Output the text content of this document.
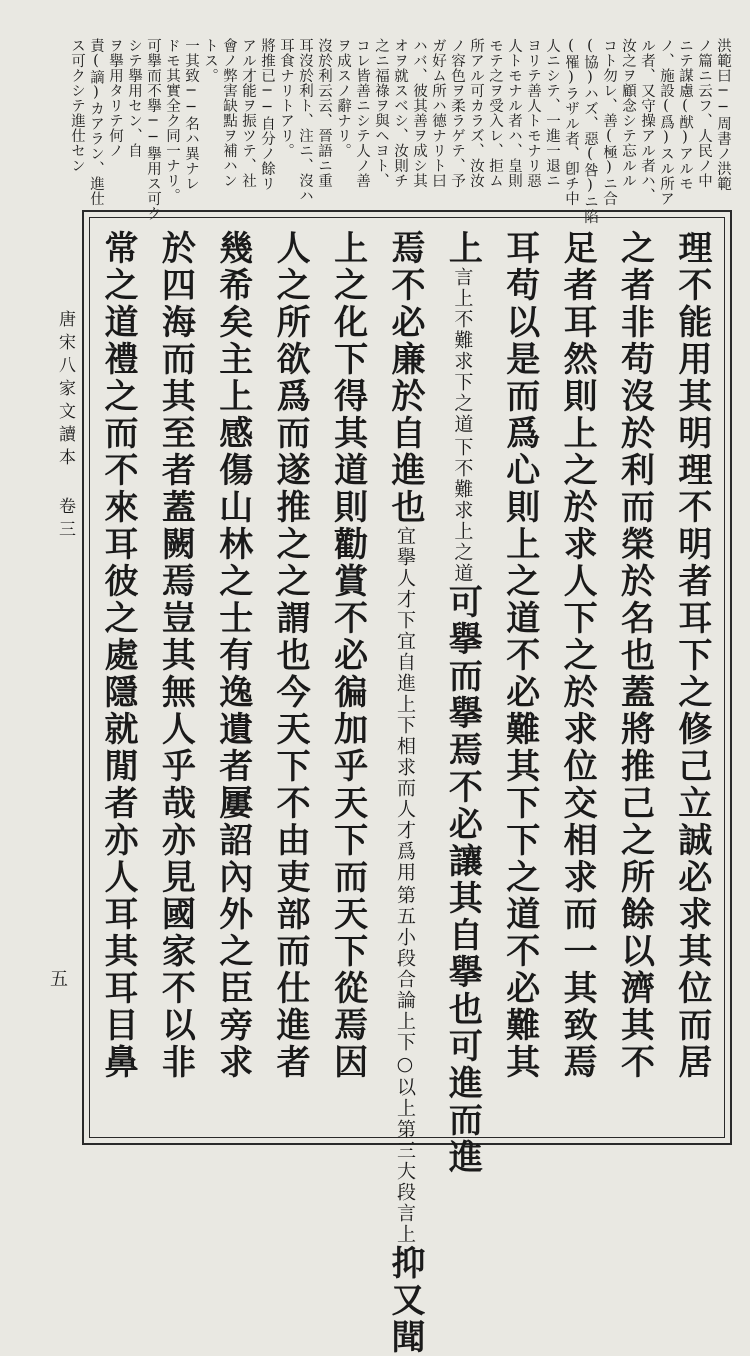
唐宋八家文讀本 卷三
五
洪範曰──周書ノ洪範
ノ篇ニ云フ、人民ノ中
ニテ謀慮(猷)アルモ
ノ、施設(爲)スル所ア
ル者、又守操アル者ハ、
汝之ヲ顧念シテ忘ルル
コト勿レ、善(極)ニ合
(協)ハズ、惡(咎)ニ陷
(罹)ラザル者、卽チ中
人ニシテ、一進一退ニ
ヨリテ善人トモナリ惡
人トモナル者ハ、皇則
モテ之ヲ受入レ、拒ム
所アル可カラズ、汝汝
ノ容色ヲ柔ラゲテ、予
ガ好ム所ハ德ナリト曰
ハバ、彼其善ヲ成シ其
オヲ就スベシ、汝則チ
之ニ福祿ヲ與ヘヨト、
コレ皆善ニシテ人ノ善
ヲ成スノ辭ナリ。
沒於利云云、晉語ニ重
耳沒於利ト、注ニ、沒ハ
耳食ナリトアリ。
將推已──自分ノ餘リ
アル才能ヲ振ツテ、社
會ノ弊害缺點ヲ補ハン
トス。
一其致──名ハ異ナレ
ドモ其實全ク同一ナリ。
可擧而不擧──擧用ス可ク
シテ擧用セン、自
ヲ擧用タリテ何ノ
責(謫)カアラン、進仕
ス可クシテ進仕セン
理不能用其明理不明者耳下之修己立誠必求其位而居
之者非苟沒於利而榮於名也蓋將推己之所餘以濟其不
足者耳然則上之於求人下之於求位交相求而一其致焉
耳苟以是而爲心則上之道不必難其下下之道不必難其
上
言上不難求下之道
下不難求上之道
可擧而擧焉不必讓其自擧也可進而進
焉不必廉於自進也
宜擧人才下宜自進上下相求而人才爲用
第五小段合論上下○以上第三大段言上
抑又聞
上之化下得其道則勸賞不必徧加乎天下而天下從焉因
人之所欲爲而遂推之之謂也今天下不由吏部而仕進者
幾希矣主上感傷山林之士有逸遺者屢詔內外之臣旁求
於四海而其至者蓋闕焉豈其無人乎哉亦見國家不以非
常之道禮之而不來耳彼之處隱就閒者亦人耳其耳目鼻
